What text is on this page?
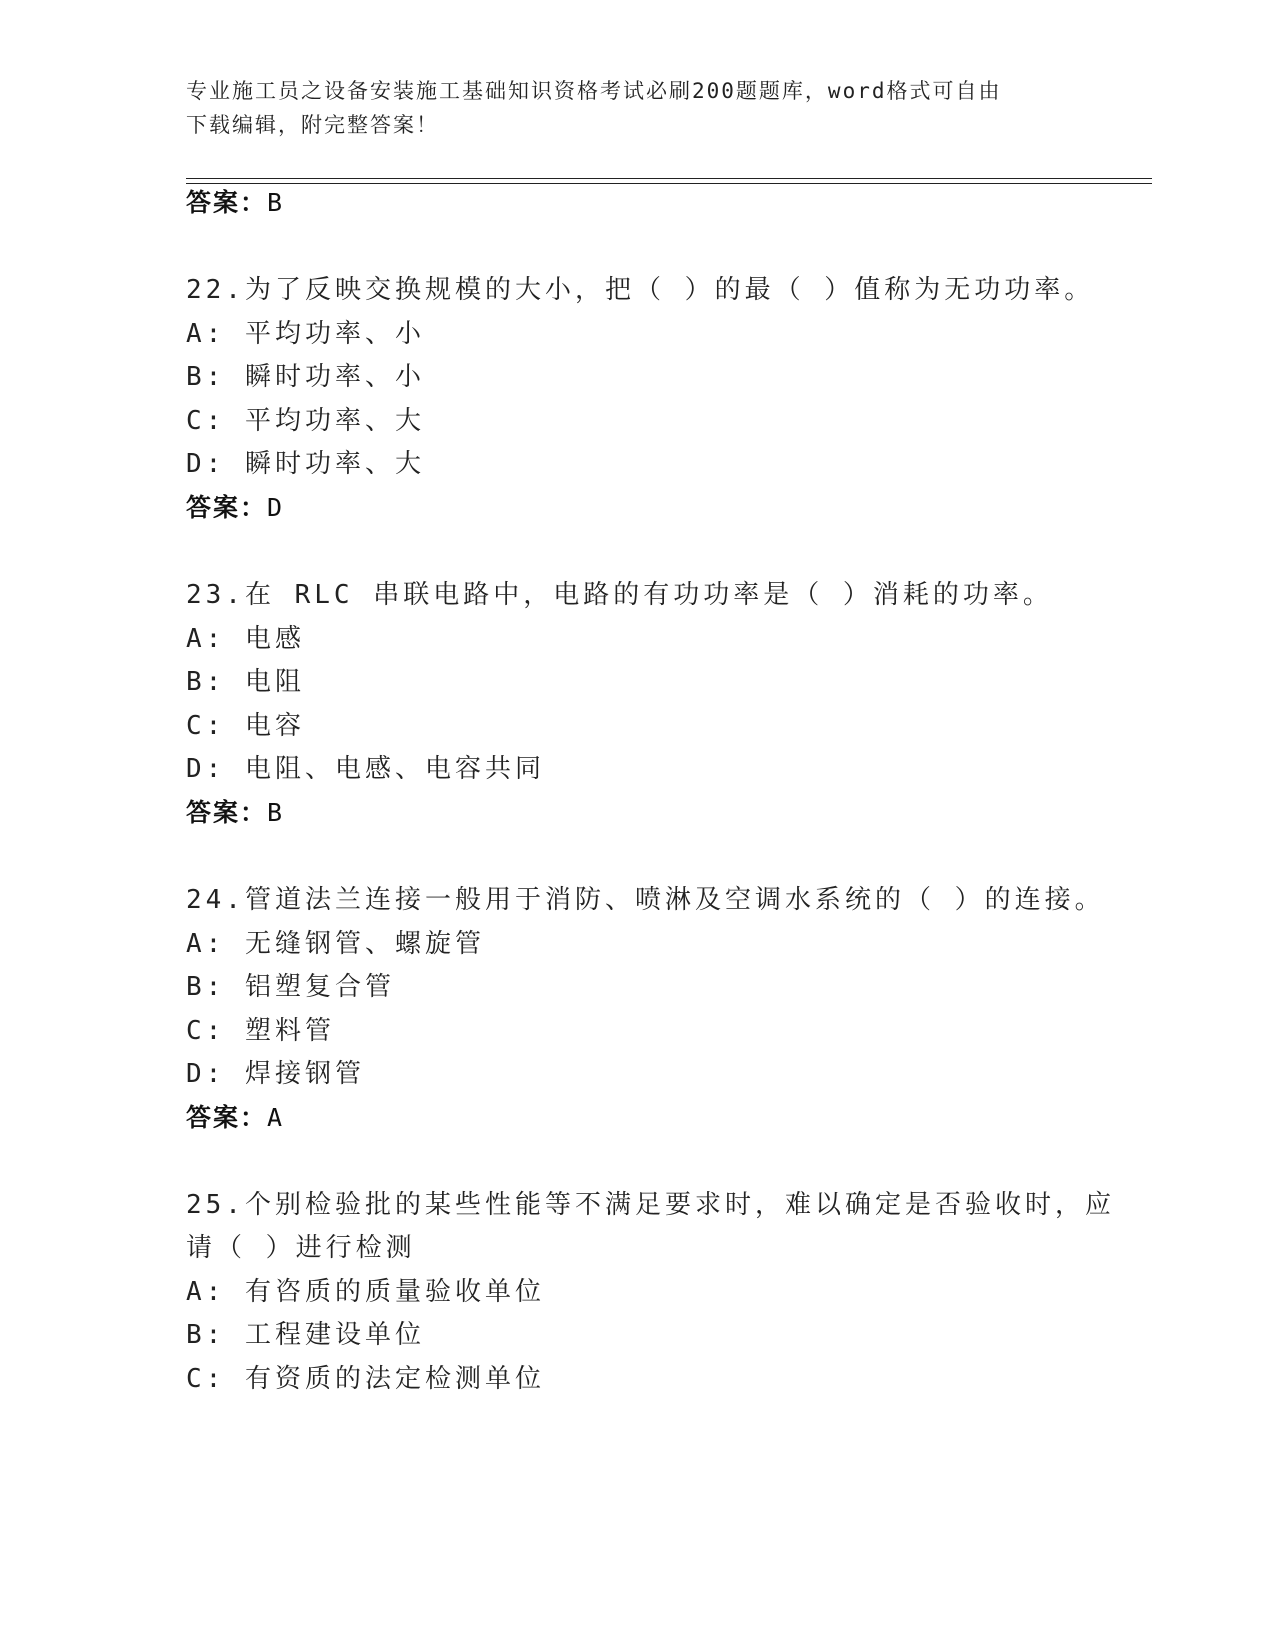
专业施工员之设备安装施工基础知识资格考试必刷200题题库，word格式可自由
下载编辑，附完整答案！
答案：B
22.为了反映交换规模的大小，把（ ）的最（ ）值称为无功功率。
A: 平均功率、小
B: 瞬时功率、小
C: 平均功率、大
D: 瞬时功率、大
答案：D
23.在 RLC 串联电路中，电路的有功功率是（ ）消耗的功率。
A: 电感
B: 电阻
C: 电容
D: 电阻、电感、电容共同
答案：B
24.管道法兰连接一般用于消防、喷淋及空调水系统的（ ）的连接。
A: 无缝钢管、螺旋管
B: 铝塑复合管
C: 塑料管
D: 焊接钢管
答案：A
25.个别检验批的某些性能等不满足要求时，难以确定是否验收时，应
请（ ）进行检测
A: 有咨质的质量验收单位
B: 工程建设单位
C: 有资质的法定检测单位
